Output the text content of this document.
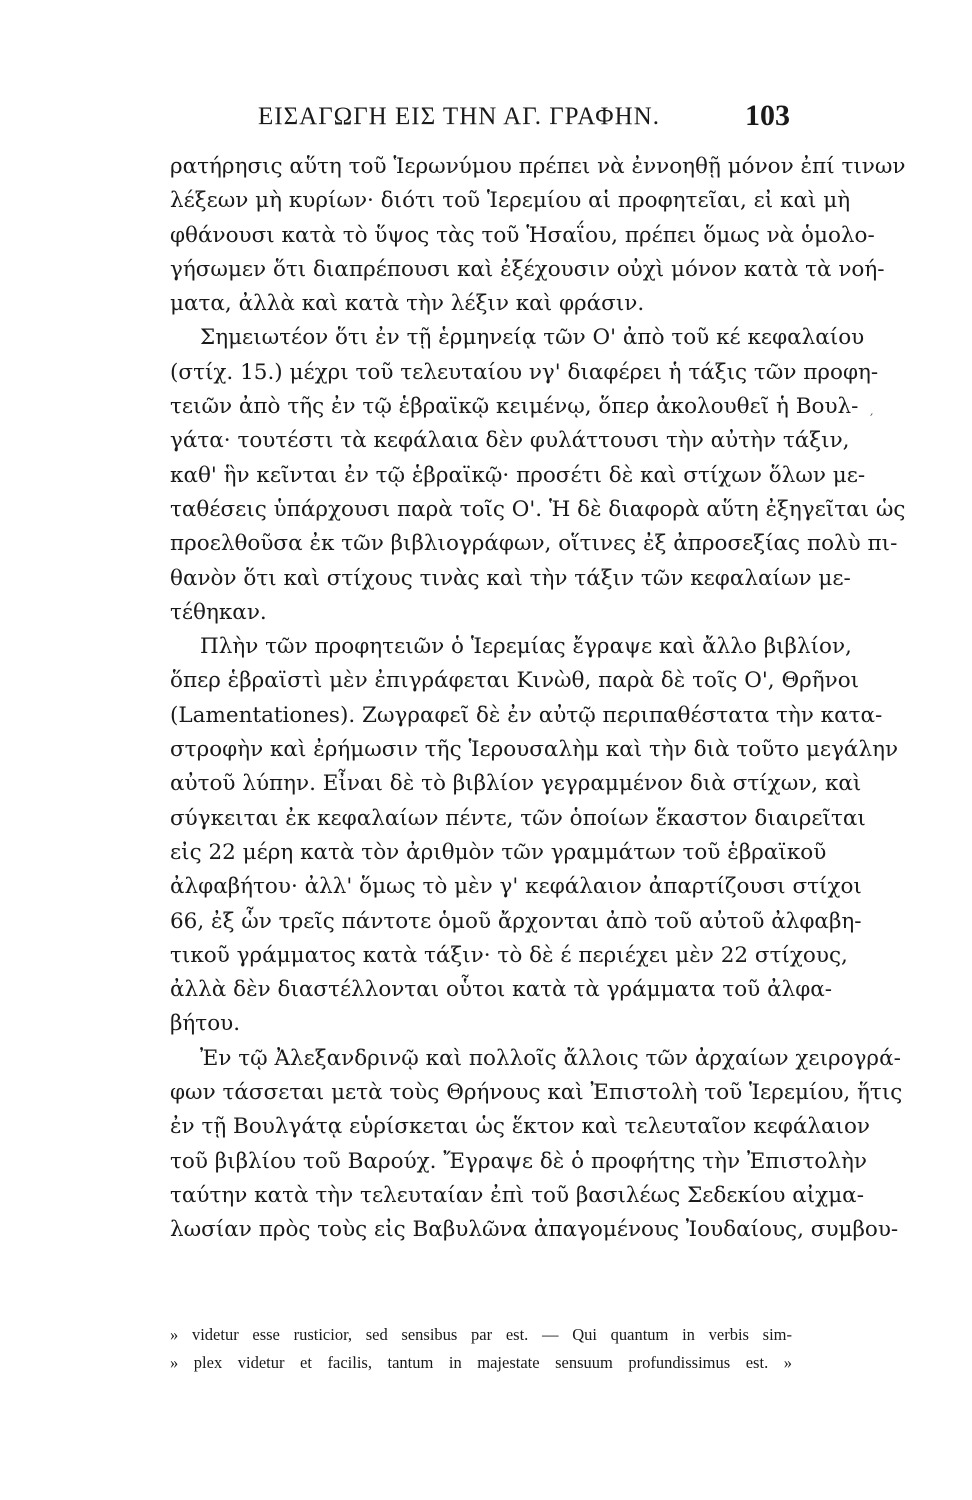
ΕΙΣΑΓΩΓΗ ΕΙΣ ΤΗΝ ΑΓ. ΓΡΑΦΗΝ.	103
ρατήρησις αὕτη τοῦ Ἱερωνύμου πρέπει νὰ ἐννοηθῇ μόνον ἐπί τινων
λέξεων μὴ κυρίων· διότι τοῦ Ἱερεμίου αἱ προφητεῖαι, εἰ καὶ μὴ
φθάνουσι κατὰ τὸ ὕψος τὰς τοῦ Ἡσαΐου, πρέπει ὅμως νὰ ὁμολο-
γήσωμεν ὅτι διαπρέπουσι καὶ ἐξέχουσιν οὐχὶ μόνον κατὰ τὰ νοή-
ματα, ἀλλὰ καὶ κατὰ τὴν λέξιν καὶ φράσιν.
Σημειωτέον ὅτι ἐν τῇ ἑρμηνείᾳ τῶν Ο' ἀπὸ τοῦ κέ κεφαλαίου
(στίχ. 15.) μέχρι τοῦ τελευταίου νγ' διαφέρει ἡ τάξις τῶν προφη-
τειῶν ἀπὸ τῆς ἐν τῷ ἑβραϊκῷ κειμένῳ, ὅπερ ἀκολουθεῖ ἡ Βουλ-
γάτα· τουτέστι τὰ κεφάλαια δὲν φυλάττουσι τὴν αὐτὴν τάξιν,
καθ' ἣν κεῖνται ἐν τῷ ἑβραϊκῷ· προσέτι δὲ καὶ στίχων ὅλων με-
ταθέσεις ὑπάρχουσι παρὰ τοῖς Ο'. Ἡ δὲ διαφορὰ αὕτη ἐξηγεῖται ὡς
προελθοῦσα ἐκ τῶν βιβλιογράφων, οἵτινες ἐξ ἀπροσεξίας πολὺ πι-
θανὸν ὅτι καὶ στίχους τινὰς καὶ τὴν τάξιν τῶν κεφαλαίων με-
τέθηκαν.
Πλὴν τῶν προφητειῶν ὁ Ἱερεμίας ἔγραψε καὶ ἄλλο βιβλίον,
ὅπερ ἑβραϊστὶ μὲν ἐπιγράφεται Κινὼθ, παρὰ δὲ τοῖς Ο', Θρῆνοι
(Lamentationes). Ζωγραφεῖ δὲ ἐν αὐτῷ περιπαθέστατα τὴν κατα-
στροφὴν καὶ ἐρήμωσιν τῆς Ἱερουσαλὴμ καὶ τὴν διὰ τοῦτο μεγάλην
αὐτοῦ λύπην. Εἶναι δὲ τὸ βιβλίον γεγραμμένον διὰ στίχων, καὶ
σύγκειται ἐκ κεφαλαίων πέντε, τῶν ὁποίων ἕκαστον διαιρεῖται
εἰς 22 μέρη κατὰ τὸν ἀριθμὸν τῶν γραμμάτων τοῦ ἑβραϊκοῦ
ἀλφαβήτου· ἀλλ' ὅμως τὸ μὲν γ' κεφάλαιον ἀπαρτίζουσι στίχοι
66, ἐξ ὧν τρεῖς πάντοτε ὁμοῦ ἄρχονται ἀπὸ τοῦ αὐτοῦ ἀλφαβη-
τικοῦ γράμματος κατὰ τάξιν· τὸ δὲ έ περιέχει μὲν 22 στίχους,
ἀλλὰ δὲν διαστέλλονται οὗτοι κατὰ τὰ γράμματα τοῦ ἀλφα-
βήτου.
Ἐν τῷ Ἀλεξανδρινῷ καὶ πολλοῖς ἄλλοις τῶν ἀρχαίων χειρογρά-
φων τάσσεται μετὰ τοὺς Θρήνους καὶ Ἐπιστολὴ τοῦ Ἱερεμίου, ἥτις
ἐν τῇ Βουλγάτᾳ εὑρίσκεται ὡς ἕκτον καὶ τελευταῖον κεφάλαιον
τοῦ βιβλίου τοῦ Βαρούχ. Ἔγραψε δὲ ὁ προφήτης τὴν Ἐπιστολὴν
ταύτην κατὰ τὴν τελευταίαν ἐπὶ τοῦ βασιλέως Σεδεκίου αἰχμα-
λωσίαν πρὸς τοὺς εἰς Βαβυλῶνα ἀπαγομένους Ἰουδαίους, συμβου-
» videtur esse rusticior, sed sensibus par est. — Qui quantum in verbis sim-
» plex videtur et facilis, tantum in majestate sensuum profundissimus est. »
′
